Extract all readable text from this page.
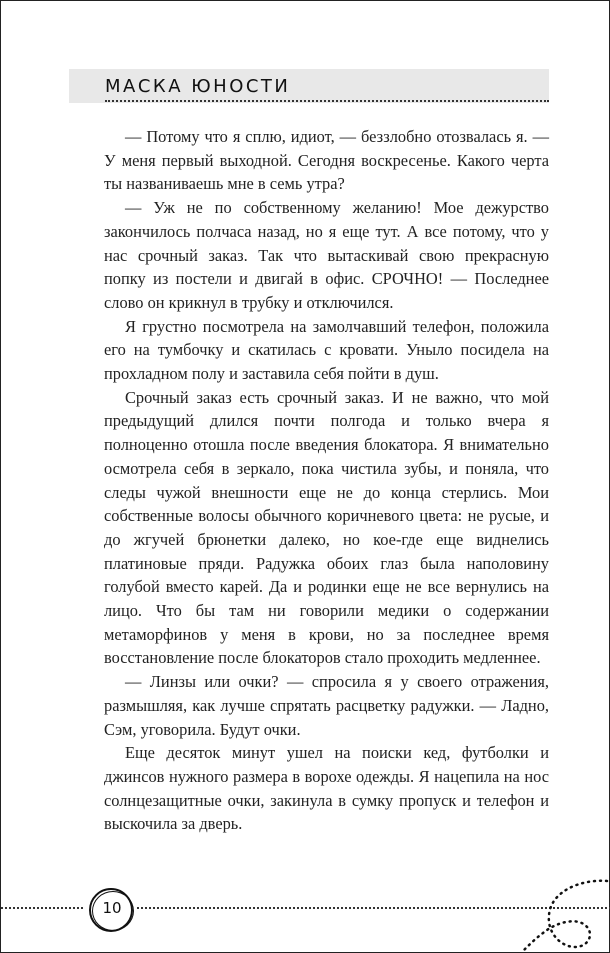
МАСКА ЮНОСТИ

— Потому что я сплю, идиот, — беззлобно отозвалась я. — У меня первый выходной. Сегодня воскресенье. Какого черта ты названиваешь мне в семь утра?

— Уж не по собственному желанию! Мое дежурство закончилось полчаса назад, но я еще тут. А все потому, что у нас срочный заказ. Так что вытаскивай свою прекрасную попку из постели и двигай в офис. СРОЧНО! — Последнее слово он крикнул в трубку и отключился.

Я грустно посмотрела на замолчавший телефон, положила его на тумбочку и скатилась с кровати. Уныло посидела на прохладном полу и заставила себя пойти в душ.

Срочный заказ есть срочный заказ. И не важно, что мой предыдущий длился почти полгода и только вчера я полноценно отошла после введения блокатора. Я внимательно осмотрела себя в зеркало, пока чистила зубы, и поняла, что следы чужой внешности еще не до конца стерлись. Мои собственные волосы обычного коричневого цвета: не русые, и до жгучей брюнетки далеко, но кое-где еще виднелись платиновые пряди. Радужка обоих глаз была наполовину голубой вместо карей. Да и родинки еще не все вернулись на лицо. Что бы там ни говорили медики о содержании метаморфинов у меня в крови, но за последнее время восстановление после блокаторов стало проходить медленнее.

— Линзы или очки? — спросила я у своего отражения, размышляя, как лучше спрятать расцветку радужки. — Ладно, Сэм, уговорила. Будут очки.

Еще десяток минут ушел на поиски кед, футболки и джинсов нужного размера в ворохе одежды. Я нацепила на нос солнцезащитные очки, закинула в сумку пропуск и телефон и выскочила за дверь.

10
